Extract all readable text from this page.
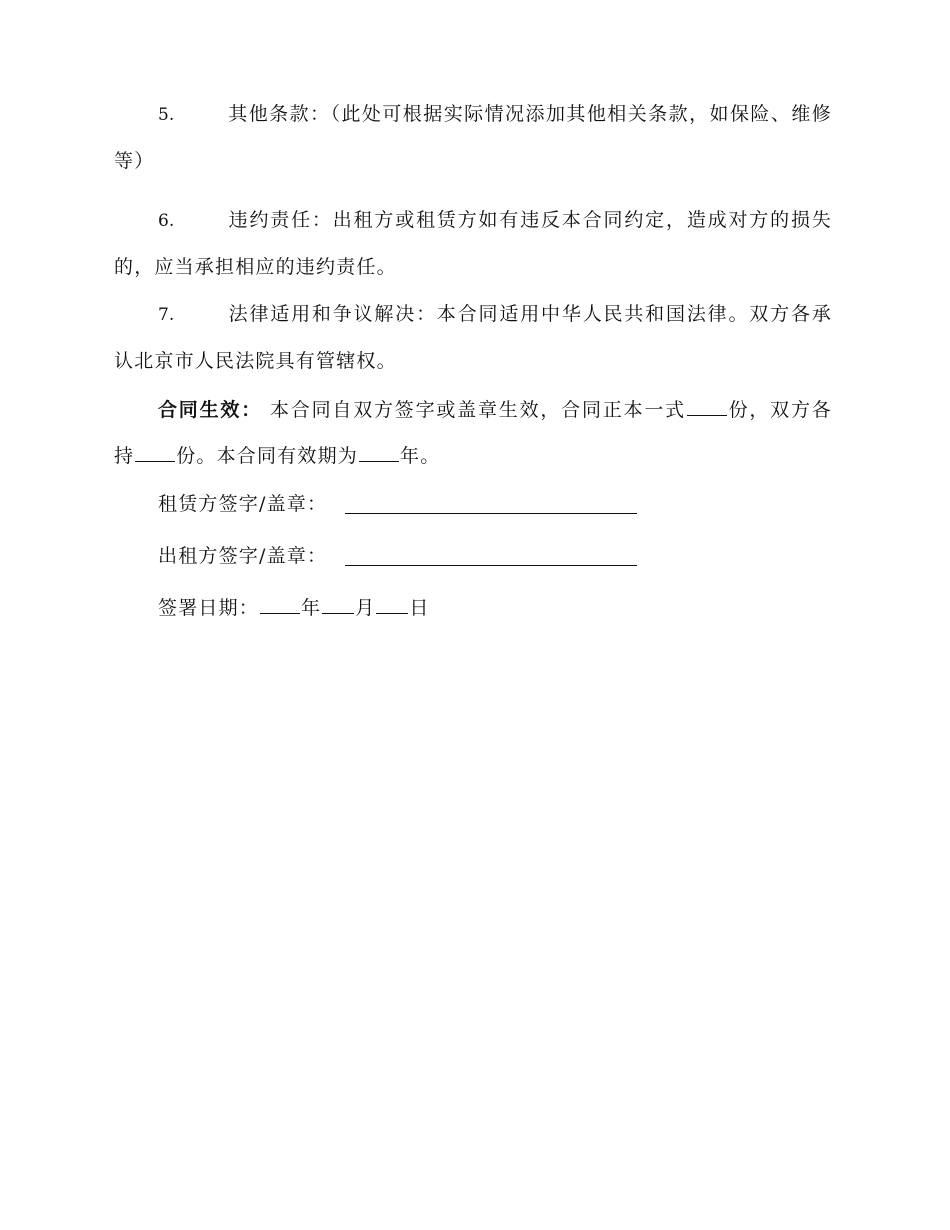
5.	其他条款：（此处可根据实际情况添加其他相关条款，如保险、维修等）

6.	违约责任：出租方或租赁方如有违反本合同约定，造成对方的损失的，应当承担相应的违约责任。

7.	法律适用和争议解决：本合同适用中华人民共和国法律。双方各承认北京市人民法院具有管辖权。

合同生效： 本合同自双方签字或盖章生效，合同正本一式 份，双方各持 份。本合同有效期为 年。

租赁方签字/盖章：
出租方签字/盖章：
签署日期： 年 月 日
